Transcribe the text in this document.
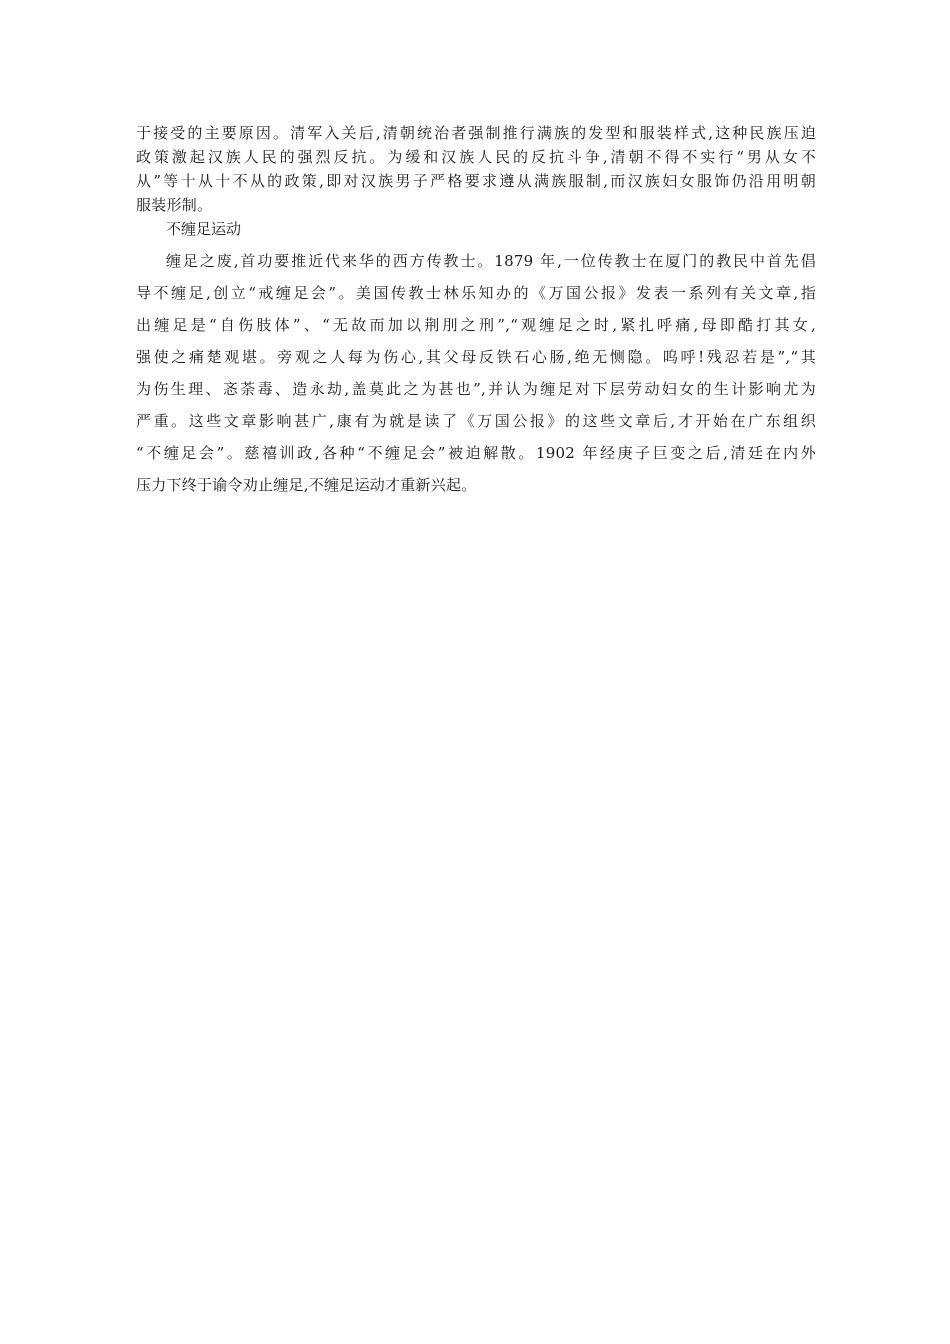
于接受的主要原因。清军入关后,清朝统治者强制推行满族的发型和服装样式,这种民族压迫
政策激起汉族人民的强烈反抗。为缓和汉族人民的反抗斗争,清朝不得不实行“男从女不
从”等十从十不从的政策,即对汉族男子严格要求遵从满族服制,而汉族妇女服饰仍沿用明朝
服装形制。
不缠足运动
缠足之废,首功要推近代来华的西方传教士。1879 年,一位传教士在厦门的教民中首先倡
导不缠足,创立“戒缠足会”。美国传教士林乐知办的《万国公报》发表一系列有关文章,指
出缠足是“自伤肢体”、“无故而加以荆刖之刑”,“观缠足之时,紧扎呼痛,母即酷打其女,
强使之痛楚观堪。旁观之人每为伤心,其父母反铁石心肠,绝无恻隐。呜呼!残忍若是”,“其
为伤生理、忞荼毒、造永劫,盖莫此之为甚也”,并认为缠足对下层劳动妇女的生计影响尤为
严重。这些文章影响甚广,康有为就是读了《万国公报》的这些文章后,才开始在广东组织
“不缠足会”。慈禧训政,各种“不缠足会”被迫解散。1902 年经庚子巨变之后,清廷在内外
压力下终于谕令劝止缠足,不缠足运动才重新兴起。
